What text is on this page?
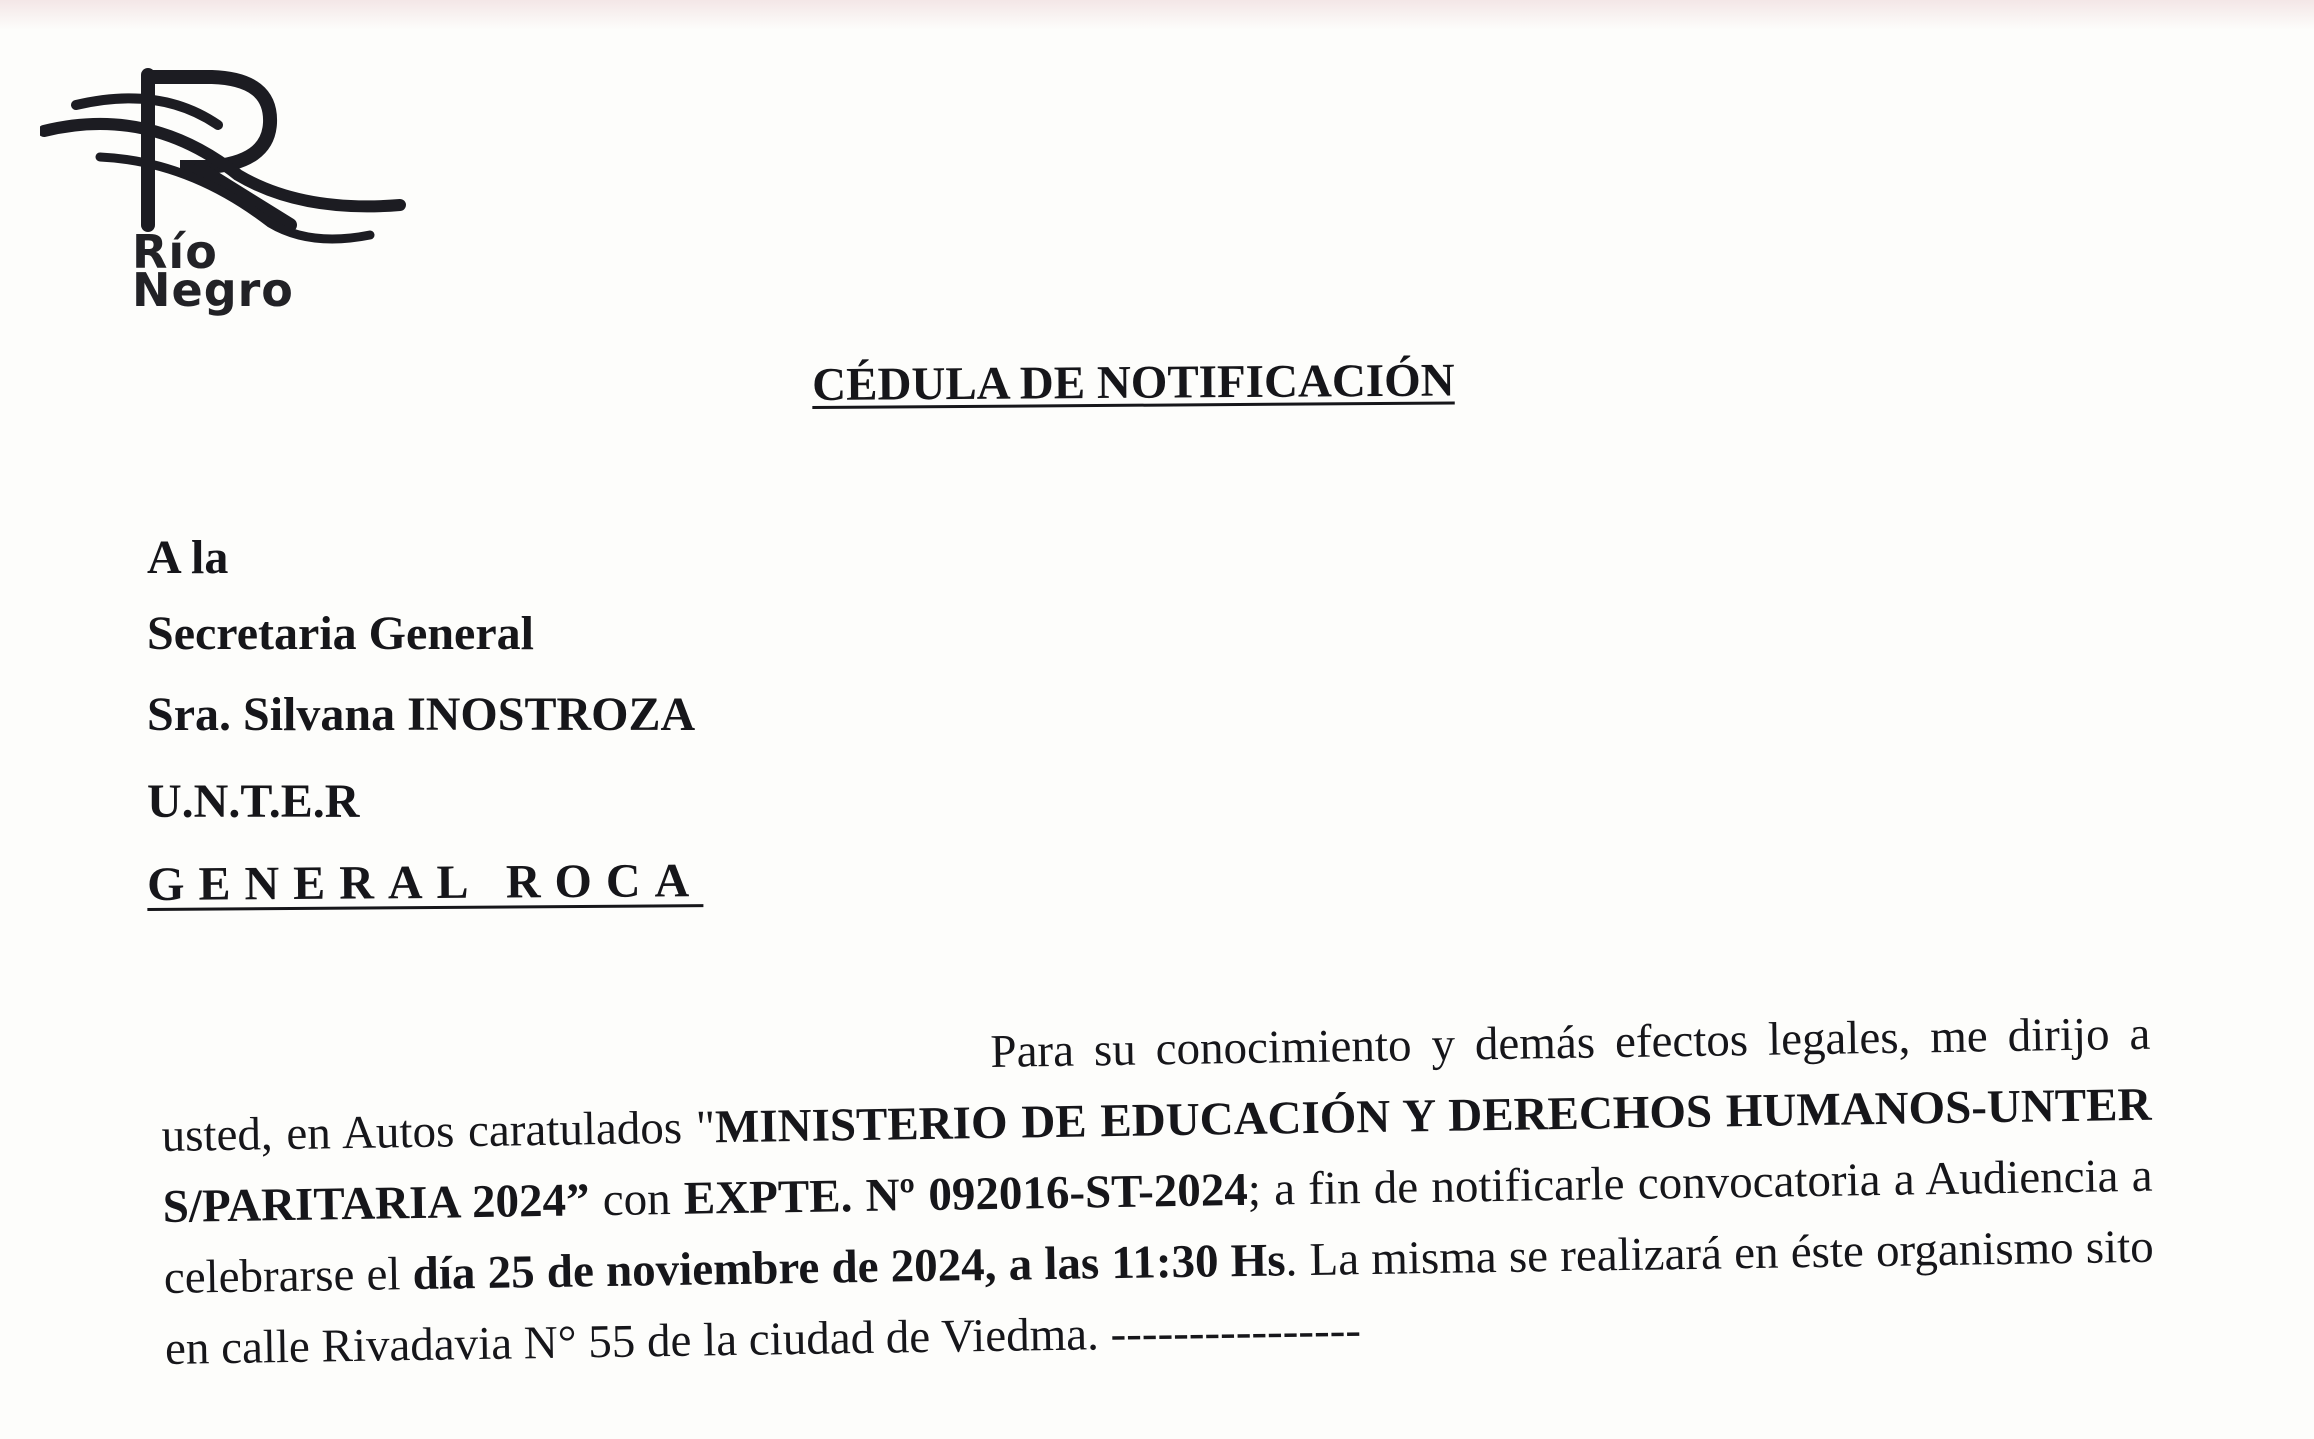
Río
Negro
CÉDULA DE NOTIFICACIÓN
A la
Secretaria General
Sra. Silvana INOSTROZA
U.N.T.E.R
GENERAL ROCA
Para su conocimiento y demás efectos legales, me dirijo a usted, en Autos caratulados "MINISTERIO DE EDUCACIÓN Y DERECHOS HUMANOS-UNTER S/PARITARIA 2024” con EXPTE. Nº 092016-ST-2024; a fin de notificarle convocatoria a Audiencia a celebrarse el día 25 de noviembre de 2024, a las 11:30 Hs. La misma se realizará en éste organismo sito en calle Rivadavia N° 55 de la ciudad de Viedma. ----------------
